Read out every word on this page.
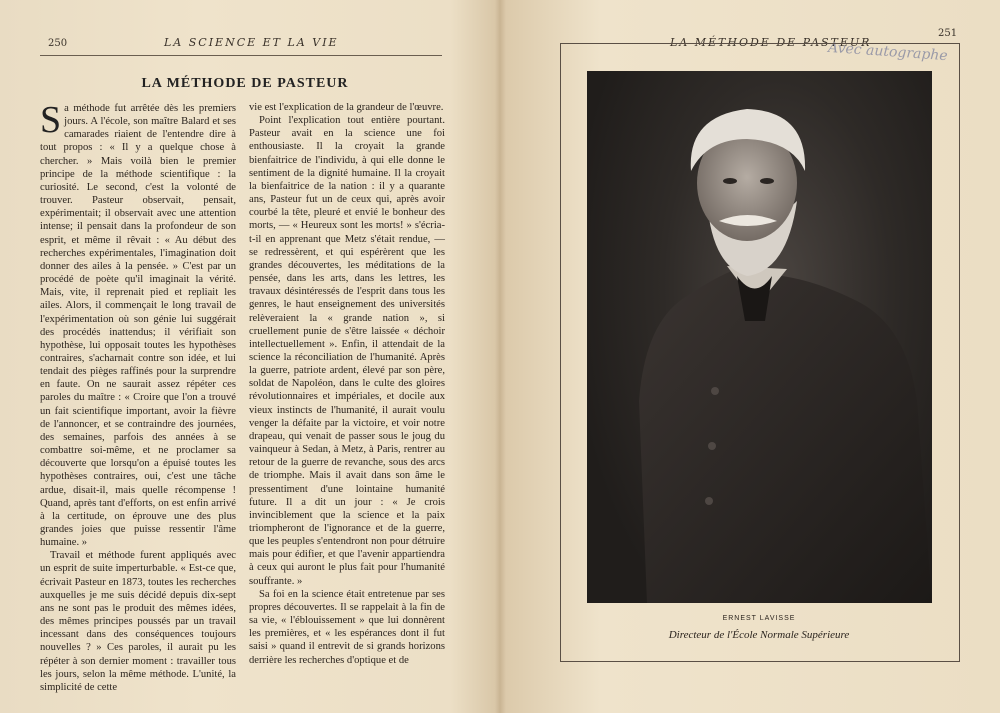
250	LA SCIENCE ET LA VIE
LA MÉTHODE DE PASTEUR

Sa méthode fut arrêtée dès les premiers jours. A l'école, son maître Balard et ses camarades riaient de l'entendre dire à tout propos : « Il y a quelque chose à chercher. » Mais voilà bien le premier principe de la méthode scientifique : la curiosité. Le second, c'est la volonté de trouver. Pasteur observait, pensait, expérimentait; il observait avec une attention intense; il pensait dans la profondeur de son esprit, et même il rêvait : « Au début des recherches expérimentales, l'imagination doit donner des ailes à la pensée. » C'est par un procédé de poète qu'il imaginait la vérité. Mais, vite, il reprenait pied et repliait les ailes. Alors, il commençait le long travail de l'expérimentation où son génie lui suggérait des procédés inattendus; il vérifiait son hypothèse, lui opposait toutes les hypothèses contraires, s'acharnait contre son idée, et lui tendait des pièges raffinés pour la surprendre en faute. On ne saurait assez répéter ces paroles du maître : « Croire que l'on a trouvé un fait scientifique important, avoir la fièvre de l'annoncer, et se contraindre des journées, des semaines, parfois des années à se combattre soi-même, et ne proclamer sa découverte que lorsqu'on a épuisé toutes les hypothèses contraires, oui, c'est une tâche ardue, disait-il, mais quelle récompense ! Quand, après tant d'efforts, on est enfin arrivé à la certitude, on éprouve une des plus grandes joies que puisse ressentir l'âme humaine. »

Travail et méthode furent appliqués avec un esprit de suite imperturbable. « Est-ce que, écrivait Pasteur en 1873, toutes les recherches auxquelles je me suis décidé depuis dix-sept ans ne sont pas le produit des mêmes idées, des mêmes principes poussés par un travail incessant dans des conséquences toujours nouvelles ? » Ces paroles, il aurait pu les répéter à son dernier moment : travailler tous les jours, selon la même méthode. L'unité, la simplicité de cette

vie est l'explication de la grandeur de l'œuvre.

Point l'explication tout entière pourtant. Pasteur avait en la science une foi enthousiaste. Il la croyait la grande bienfaitrice de l'individu, à qui elle donne le sentiment de la dignité humaine. Il la croyait la bienfaitrice de la nation : il y a quarante ans, Pasteur fut un de ceux qui, après avoir courbé la tête, pleuré et envié le bonheur des morts, — « Heureux sont les morts! » s'écria-t-il en apprenant que Metz s'était rendue, — se redressèrent, et qui espérèrent que les grandes découvertes, les méditations de la pensée, dans les arts, dans les lettres, les travaux désintéressés de l'esprit dans tous les genres, le haut enseignement des universités relèveraient la « grande nation », si cruellement punie de s'être laissée « déchoir intellectuellement ». Enfin, il attendait de la science la réconciliation de l'humanité. Après la guerre, patriote ardent, élevé par son père, soldat de Napoléon, dans le culte des gloires révolutionnaires et impériales, et docile aux vieux instincts de l'humanité, il aurait voulu venger la défaite par la victoire, et voir notre drapeau, qui venait de passer sous le joug du vainqueur à Sedan, à Metz, à Paris, rentrer au retour de la guerre de revanche, sous des arcs de triomphe. Mais il avait dans son âme le pressentiment d'une lointaine humanité future. Il a dit un jour : « Je crois invinciblement que la science et la paix triompheront de l'ignorance et de la guerre, que les peuples s'entendront non pour détruire mais pour édifier, et que l'avenir appartiendra à ceux qui auront le plus fait pour l'humanité souffrante. »

Sa foi en la science était entretenue par ses propres découvertes. Il se rappelait à la fin de sa vie, « l'éblouissement » que lui donnèrent les premières, et « les espérances dont il fut saisi » quand il entrevit de si grands horizons derrière les recherches d'optique et de

LA MÉTHODE DE PASTEUR
251
Avec autographe
ERNEST LAVISSE
Directeur de l'École Normale Supérieure
